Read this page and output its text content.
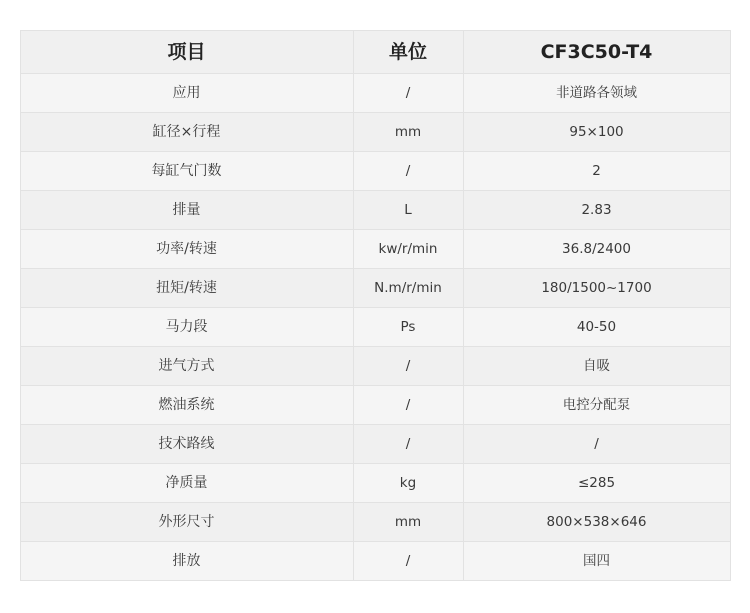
项目	单位	CF3C50-T4
应用	/	非道路各领域
缸径×行程	mm	95×100
每缸气门数	/	2
排量	L	2.83
功率/转速	kw/r/min	36.8/2400
扭矩/转速	N.m/r/min	180/1500~1700
马力段	Ps	40-50
进气方式	/	自吸
燃油系统	/	电控分配泵
技术路线	/	/
净质量	kg	≤285
外形尺寸	mm	800×538×646
排放	/	国四
